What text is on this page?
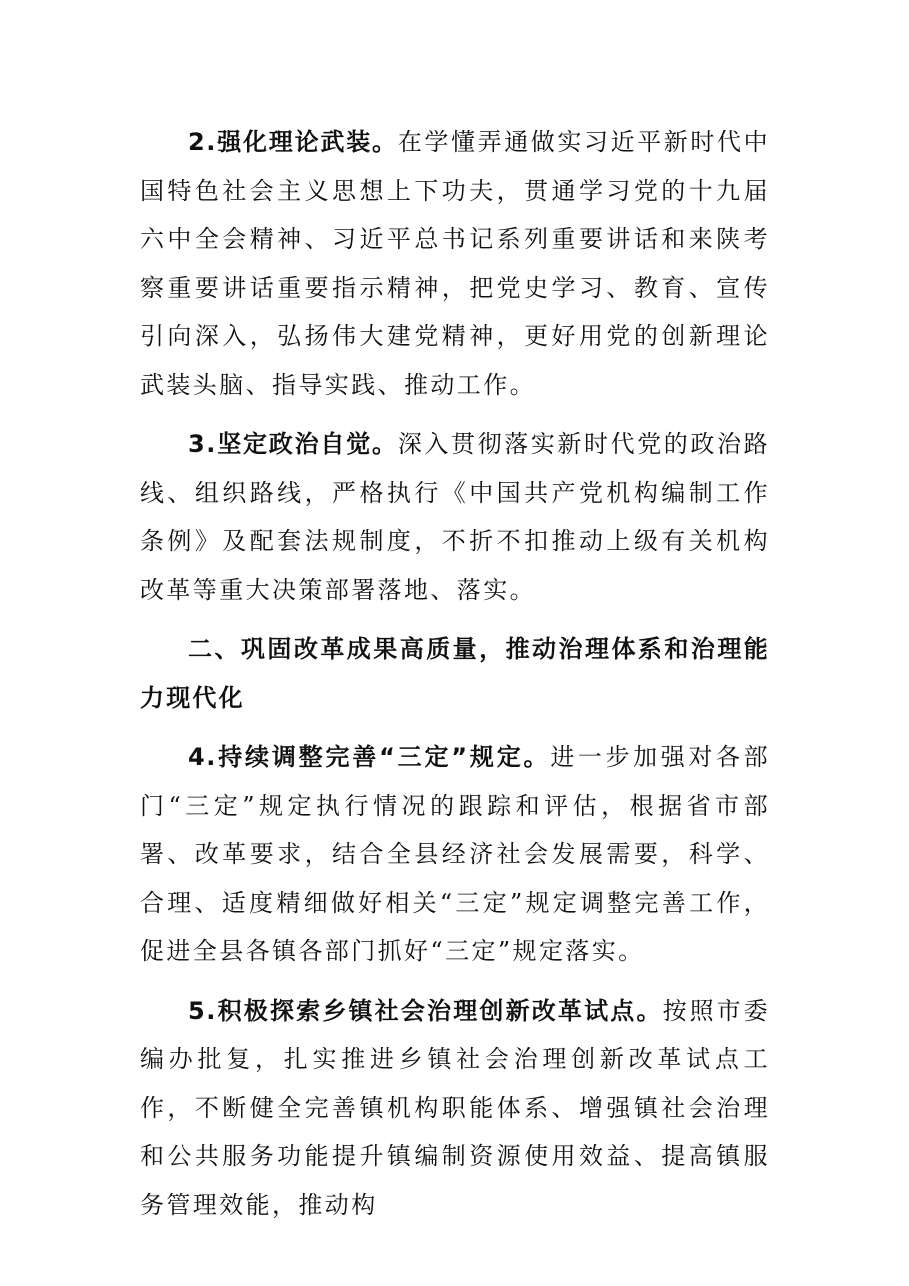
2.强化理论武装。在学懂弄通做实习近平新时代中国特色社会主义思想上下功夫，贯通学习党的十九届六中全会精神、习近平总书记系列重要讲话和来陕考察重要讲话重要指示精神，把党史学习、教育、宣传引向深入，弘扬伟大建党精神，更好用党的创新理论武装头脑、指导实践、推动工作。

3.坚定政治自觉。深入贯彻落实新时代党的政治路线、组织路线，严格执行《中国共产党机构编制工作条例》及配套法规制度，不折不扣推动上级有关机构改革等重大决策部署落地、落实。

二、巩固改革成果高质量，推动治理体系和治理能力现代化

4.持续调整完善“三定”规定。进一步加强对各部门“三定”规定执行情况的跟踪和评估，根据省市部署、改革要求，结合全县经济社会发展需要，科学、合理、适度精细做好相关“三定”规定调整完善工作，促进全县各镇各部门抓好“三定”规定落实。

5.积极探索乡镇社会治理创新改革试点。按照市委编办批复，扎实推进乡镇社会治理创新改革试点工作，不断健全完善镇机构职能体系、增强镇社会治理和公共服务功能提升镇编制资源使用效益、提高镇服务管理效能，推动构
